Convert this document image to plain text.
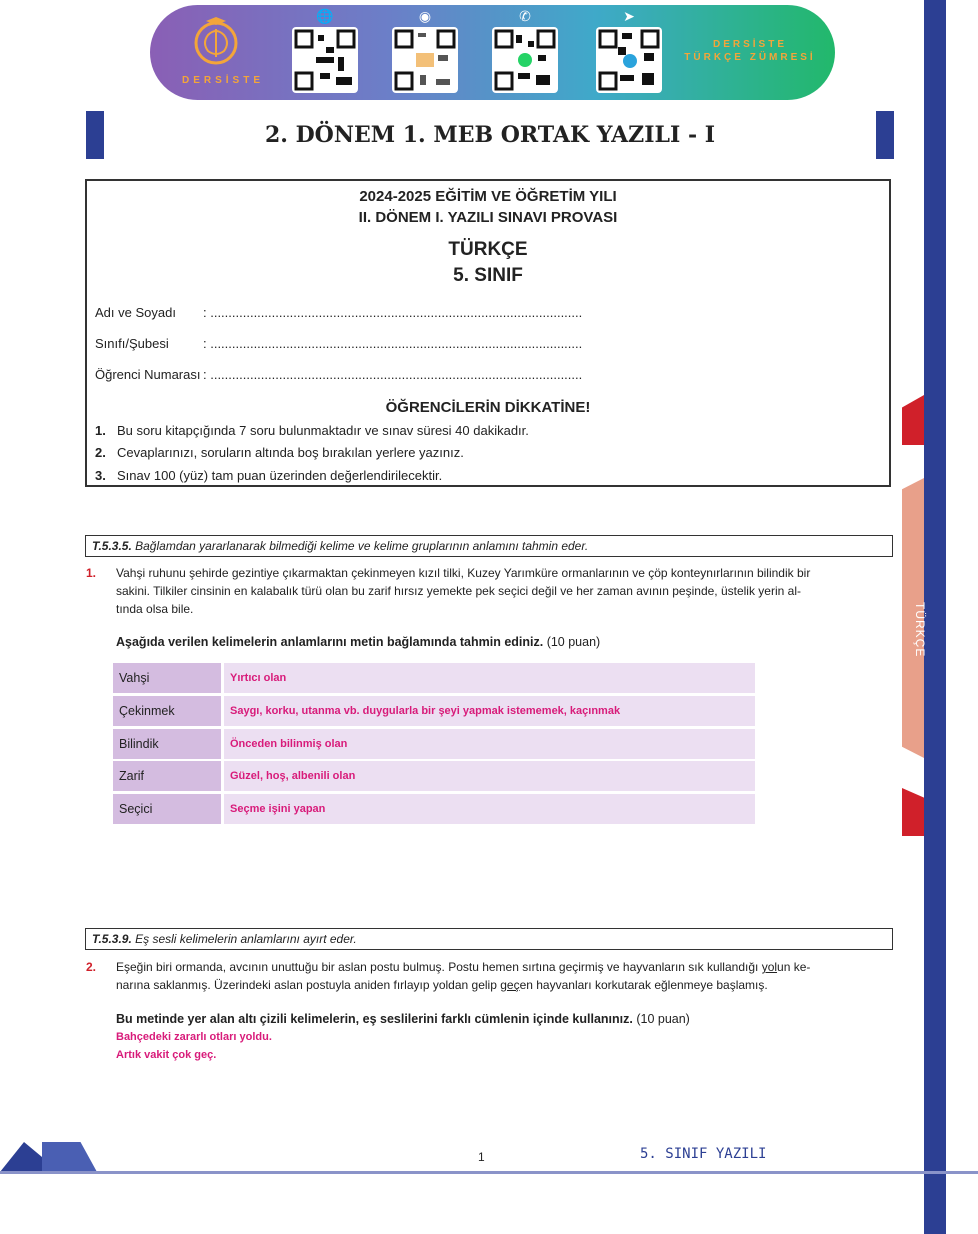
DERSİSTE
🌐	◉	✆	➤
DERSİSTE
TÜRKÇE ZÜMRESİ
2. DÖNEM 1. MEB ORTAK YAZILI - I
TÜRKÇE
2024-2025 EĞİTİM VE ÖĞRETİM YILI
II. DÖNEM I. YAZILI SINAVI PROVASI
TÜRKÇE
5. SINIF
Adı ve Soyadı : .......................................................................................................
Sınıfı/Şubesi	: .......................................................................................................
Öğrenci Numarası : .......................................................................................................
ÖĞRENCİLERİN DİKKATİNE!
1. Bu soru kitapçığında 7 soru bulunmaktadır ve sınav süresi 40 dakikadır.
2. Cevaplarınızı, soruların altında boş bırakılan yerlere yazınız.
3. Sınav 100 (yüz) tam puan üzerinden değerlendirilecektir.
T.5.3.5. Bağlamdan yararlanarak bilmediği kelime ve kelime gruplarının anlamını tahmin eder.
1. Vahşi ruhunu şehirde gezintiye çıkarmaktan çekinmeyen kızıl tilki, Kuzey Yarımküre ormanlarının ve çöp konteynırlarının bilindik bir
sakini. Tilkiler cinsinin en kalabalık türü olan bu zarif hırsız yemekte pek seçici değil ve her zaman avının peşinde, üstelik yerin al-
tında olsa bile.
Aşağıda verilen kelimelerin anlamlarını metin bağlamında tahmin ediniz. (10 puan)
Vahşi	Yırtıcı olan
Çekinmek	Saygı, korku, utanma vb. duygularla bir şeyi yapmak istememek, kaçınmak
Bilindik	Önceden bilinmiş olan
Zarif	Güzel, hoş, albenili olan
Seçici	Seçme işini yapan
T.5.3.9. Eş sesli kelimelerin anlamlarını ayırt eder.
2. Eşeğin biri ormanda, avcının unuttuğu bir aslan postu bulmuş. Postu hemen sırtına geçirmiş ve hayvanların sık kullandığı yolun ke-
narına saklanmış. Üzerindeki aslan postuyla aniden fırlayıp yoldan gelip geçen hayvanları korkutarak eğlenmeye başlamış.
Bu metinde yer alan altı çizili kelimelerin, eş seslilerini farklı cümlenin içinde kullanınız. (10 puan)
Bahçedeki zararlı otları yoldu.
Artık vakit çok geç.
1	5. SINIF YAZILI
